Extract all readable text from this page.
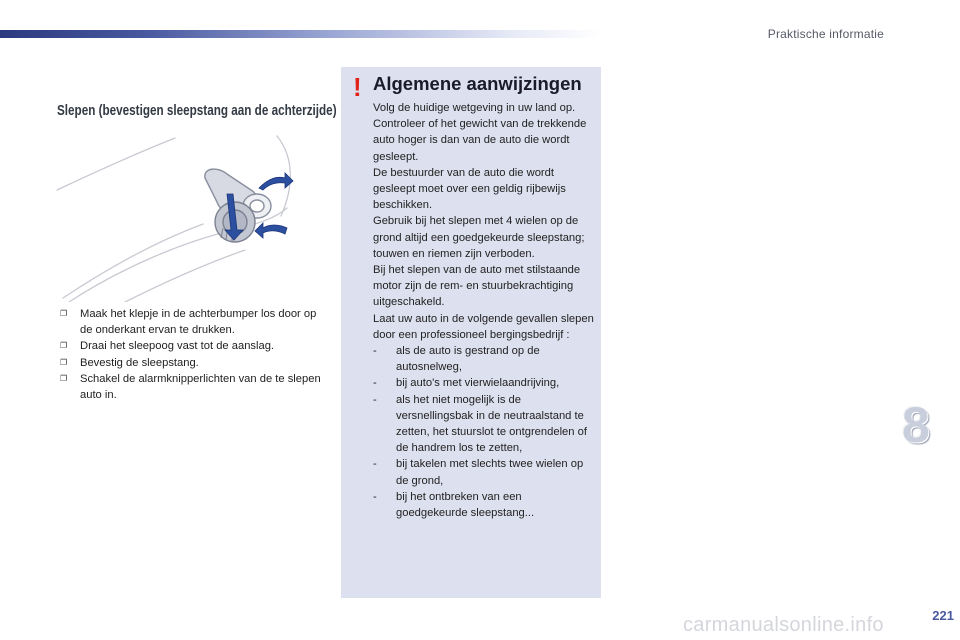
Praktische informatie
Slepen (bevestigen sleepstang aan de achterzijde)
❐ Maak het klepje in de achterbumper los door op de onderkant ervan te drukken.
❐ Draai het sleepoog vast tot de aanslag.
❐ Bevestig de sleepstang.
❐ Schakel de alarmknipperlichten van de te slepen auto in.
! Algemene aanwijzingen

Volg de huidige wetgeving in uw land op.

Controleer of het gewicht van de trekkende auto hoger is dan van de auto die wordt gesleept.

De bestuurder van de auto die wordt gesleept moet over een geldig rijbewijs beschikken.

Gebruik bij het slepen met 4 wielen op de grond altijd een goedgekeurde sleepstang; touwen en riemen zijn verboden.

Bij het slepen van de auto met stilstaande motor zijn de rem- en stuurbekrachtiging uitgeschakeld.

Laat uw auto in de volgende gevallen slepen door een professioneel bergingsbedrijf :

- als de auto is gestrand op de autosnelweg,
- bij auto's met vierwielaandrijving,
- als het niet mogelijk is de versnellingsbak in de neutraalstand te zetten, het stuurslot te ontgrendelen of de handrem los te zetten,
- bij takelen met slechts twee wielen op de grond,
- bij het ontbreken van een goedgekeurde sleepstang...
8
carmanualsonline.info	221
